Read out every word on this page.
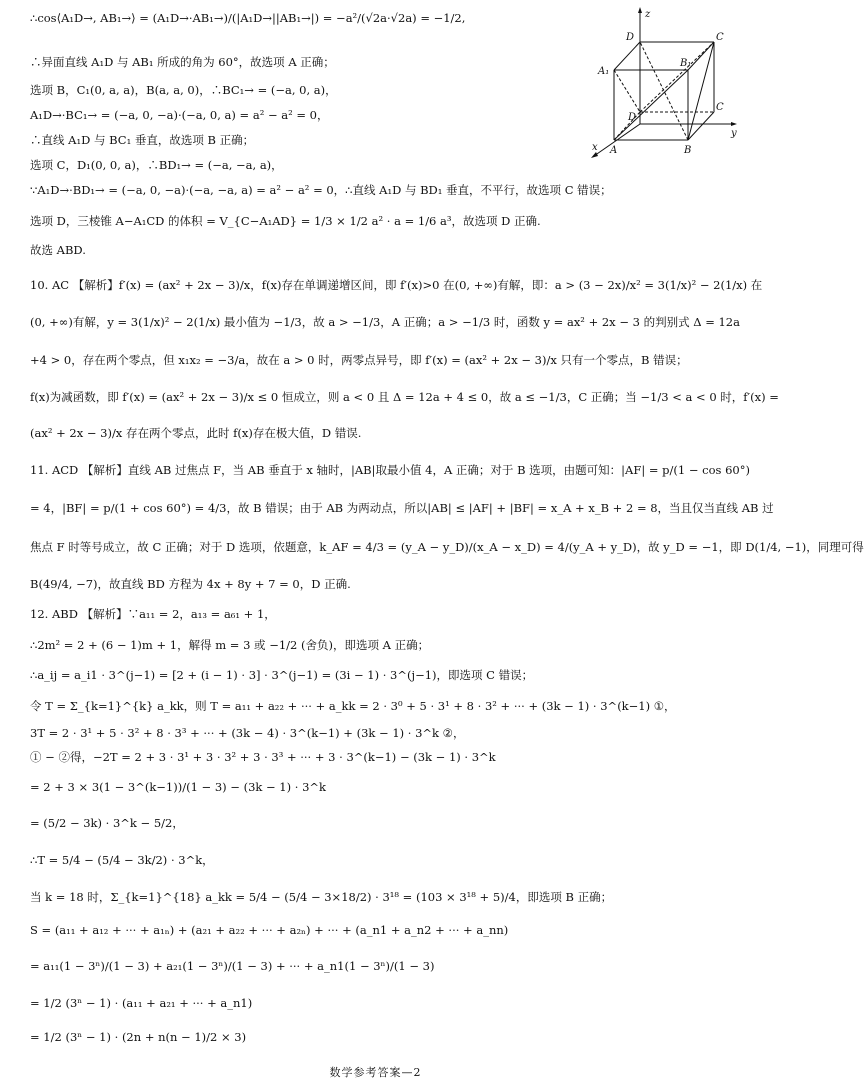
∴cos⟨A₁D→, AB₁→⟩ = (A₁D→·AB₁→)/(|A₁D→||AB₁→|) = −a²/(√2a·√2a) = −1/2,
∴异面直线 A₁D 与 AB₁ 所成的角为 60°，故选项 A 正确；
选项 B，C₁(0, a, a)，B(a, a, 0)，∴BC₁→ = (−a, 0, a)，
A₁D→·BC₁→ = (−a, 0, −a)·(−a, 0, a) = a² − a² = 0，
∴直线 A₁D 与 BC₁ 垂直，故选项 B 正确；
选项 C，D₁(0, 0, a)，∴BD₁→ = (−a, −a, a)，
∵A₁D→·BD₁→ = (−a, 0, −a)·(−a, −a, a) = a² − a² = 0，∴直线 A₁D 与 BD₁ 垂直，不平行，故选项 C 错误；
选项 D，三棱锥 A−A₁CD 的体积 = V_{C−A₁AD} = 1/3 × 1/2 a² · a = 1/6 a³，故选项 D 正确.
故选 ABD.
10. AC 【解析】f′(x) = (ax² + 2x − 3)/x，f(x)存在单调递增区间，即 f′(x)>0 在(0, +∞)有解，即：a > (3 − 2x)/x² = 3(1/x)² − 2(1/x) 在
(0, +∞)有解，y = 3(1/x)² − 2(1/x) 最小值为 −1/3，故 a > −1/3，A 正确；a > −1/3 时，函数 y = ax² + 2x − 3 的判别式 Δ = 12a
+4 > 0，存在两个零点，但 x₁x₂ = −3/a，故在 a > 0 时，两零点异号，即 f′(x) = (ax² + 2x − 3)/x 只有一个零点，B 错误；
f(x)为减函数，即 f′(x) = (ax² + 2x − 3)/x ≤ 0 恒成立，则 a < 0 且 Δ = 12a + 4 ≤ 0，故 a ≤ −1/3，C 正确；当 −1/3 < a < 0 时，f′(x) =
(ax² + 2x − 3)/x 存在两个零点，此时 f(x)存在极大值，D 错误.
11. ACD 【解析】直线 AB 过焦点 F，当 AB 垂直于 x 轴时，|AB|取最小值 4，A 正确；对于 B 选项，由题可知：|AF| = p/(1 − cos 60°)
= 4，|BF| = p/(1 + cos 60°) = 4/3，故 B 错误；由于 AB 为两动点，所以|AB| ≤ |AF| + |BF| = x_A + x_B + 2 = 8，当且仅当直线 AB 过
焦点 F 时等号成立，故 C 正确；对于 D 选项，依题意，k_AF = 4/3 = (y_A − y_D)/(x_A − x_D) = 4/(y_A + y_D)，故 y_D = −1，即 D(1/4, −1)，同理可得
B(49/4, −7)，故直线 BD 方程为 4x + 8y + 7 = 0，D 正确.
12. ABD 【解析】∵a₁₁ = 2，a₁₃ = a₆₁ + 1，
∴2m² = 2 + (6 − 1)m + 1，解得 m = 3 或 −1/2 (舍负)，即选项 A 正确；
∴a_ij = a_i1 · 3^(j−1) = [2 + (i − 1) · 3] · 3^(j−1) = (3i − 1) · 3^(j−1)，即选项 C 错误；
令 T = Σ_{k=1}^{k} a_kk，则 T = a₁₁ + a₂₂ + ··· + a_kk = 2 · 3⁰ + 5 · 3¹ + 8 · 3² + ··· + (3k − 1) · 3^(k−1) ①，
3T = 2 · 3¹ + 5 · 3² + 8 · 3³ + ··· + (3k − 4) · 3^(k−1) + (3k − 1) · 3^k ②，
① − ②得，−2T = 2 + 3 · 3¹ + 3 · 3² + 3 · 3³ + ··· + 3 · 3^(k−1) − (3k − 1) · 3^k
= 2 + 3 × 3(1 − 3^(k−1))/(1 − 3) − (3k − 1) · 3^k
= (5/2 − 3k) · 3^k − 5/2，
∴T = 5/4 − (5/4 − 3k/2) · 3^k，
当 k = 18 时，Σ_{k=1}^{18} a_kk = 5/4 − (5/4 − 3×18/2) · 3¹⁸ = (103 × 3¹⁸ + 5)/4，即选项 B 正确；
S = (a₁₁ + a₁₂ + ··· + a₁ₙ) + (a₂₁ + a₂₂ + ··· + a₂ₙ) + ··· + (a_n1 + a_n2 + ··· + a_nn)
= a₁₁(1 − 3ⁿ)/(1 − 3) + a₂₁(1 − 3ⁿ)/(1 − 3) + ··· + a_n1(1 − 3ⁿ)/(1 − 3)
= 1/2 (3ⁿ − 1) · (a₁₁ + a₂₁ + ··· + a_n1)
= 1/2 (3ⁿ − 1) · (2n + n(n − 1)/2 × 3)
z
D	C
A₁
B₁
D
C
y
A	B
x
数学参考答案—2
